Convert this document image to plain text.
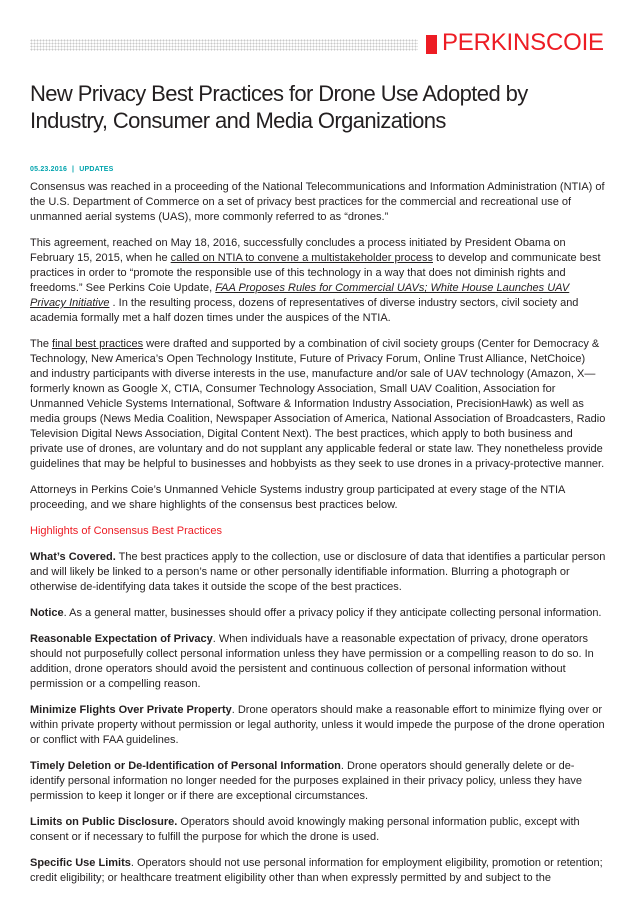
PERKINSCOIE
New Privacy Best Practices for Drone Use Adopted by Industry, Consumer and Media Organizations
05.23.2016 | UPDATES

Consensus was reached in a proceeding of the National Telecommunications and Information Administration (NTIA) of the U.S. Department of Commerce on a set of privacy best practices for the commercial and recreational use of unmanned aerial systems (UAS), more commonly referred to as “drones.”

This agreement, reached on May 18, 2016, successfully concludes a process initiated by President Obama on February 15, 2015, when he called on NTIA to convene a multistakeholder process to develop and communicate best practices in order to “promote the responsible use of this technology in a way that does not diminish rights and freedoms.” See Perkins Coie Update, FAA Proposes Rules for Commercial UAVs; White House Launches UAV Privacy Initiative . In the resulting process, dozens of representatives of diverse industry sectors, civil society and academia formally met a half dozen times under the auspices of the NTIA.

The final best practices were drafted and supported by a combination of civil society groups (Center for Democracy & Technology, New America’s Open Technology Institute, Future of Privacy Forum, Online Trust Alliance, NetChoice) and industry participants with diverse interests in the use, manufacture and/or sale of UAV technology (Amazon, X—formerly known as Google X, CTIA, Consumer Technology Association, Small UAV Coalition, Association for Unmanned Vehicle Systems International, Software & Information Industry Association, PrecisionHawk) as well as media groups (News Media Coalition, Newspaper Association of America, National Association of Broadcasters, Radio Television Digital News Association, Digital Content Next). The best practices, which apply to both business and private use of drones, are voluntary and do not supplant any applicable federal or state law. They nonetheless provide guidelines that may be helpful to businesses and hobbyists as they seek to use drones in a privacy-protective manner.

Attorneys in Perkins Coie’s Unmanned Vehicle Systems industry group participated at every stage of the NTIA proceeding, and we share highlights of the consensus best practices below.

Highlights of Consensus Best Practices

What’s Covered. The best practices apply to the collection, use or disclosure of data that identifies a particular person and will likely be linked to a person’s name or other personally identifiable information. Blurring a photograph or otherwise de-identifying data takes it outside the scope of the best practices.

Notice. As a general matter, businesses should offer a privacy policy if they anticipate collecting personal information.

Reasonable Expectation of Privacy. When individuals have a reasonable expectation of privacy, drone operators should not purposefully collect personal information unless they have permission or a compelling reason to do so. In addition, drone operators should avoid the persistent and continuous collection of personal information without permission or a compelling reason.

Minimize Flights Over Private Property. Drone operators should make a reasonable effort to minimize flying over or within private property without permission or legal authority, unless it would impede the purpose of the drone operation or conflict with FAA guidelines.

Timely Deletion or De-Identification of Personal Information. Drone operators should generally delete or de-identify personal information no longer needed for the purposes explained in their privacy policy, unless they have permission to keep it longer or if there are exceptional circumstances.

Limits on Public Disclosure. Operators should avoid knowingly making personal information public, except with consent or if necessary to fulfill the purpose for which the drone is used.

Specific Use Limits. Operators should not use personal information for employment eligibility, promotion or retention; credit eligibility; or healthcare treatment eligibility other than when expressly permitted by and subject to the
